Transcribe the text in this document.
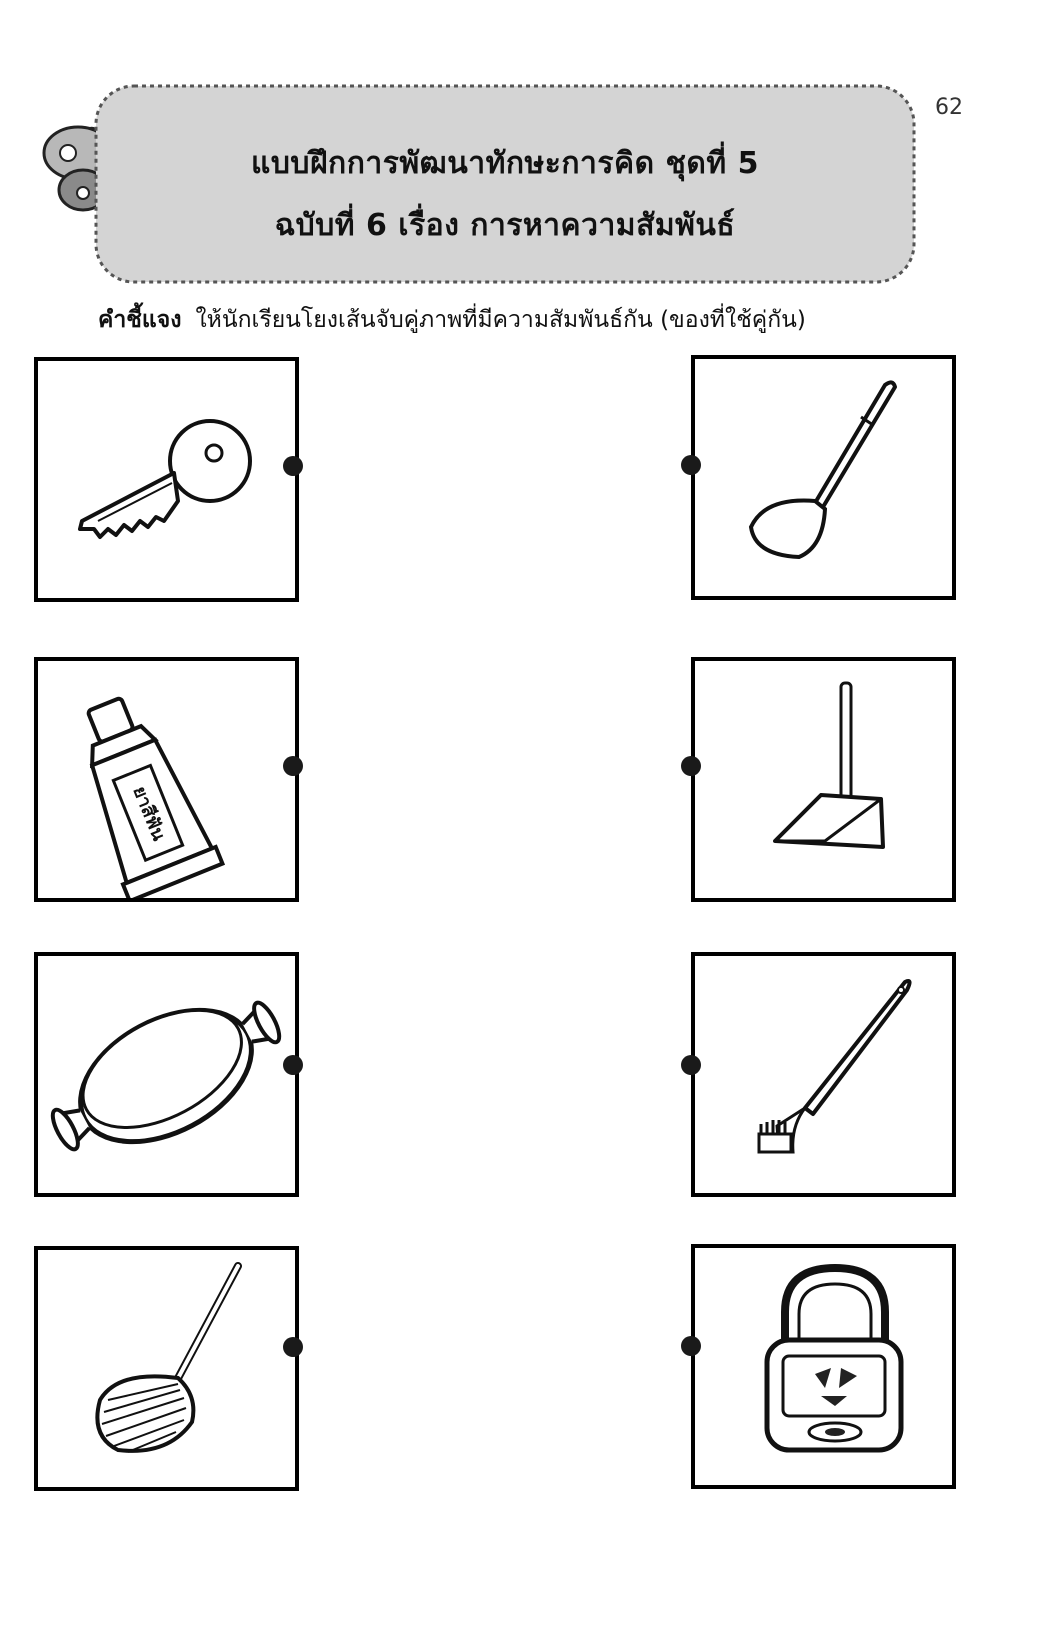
62
แบบฝึกการพัฒนาทักษะการคิด ชุดที่ 5
ฉบับที่ 6 เรื่อง การหาความสัมพันธ์
คำชี้แจง ให้นักเรียนโยงเส้นจับคู่ภาพที่มีความสัมพันธ์กัน (ของที่ใช้คู่กัน)
ยาสีฟัน
